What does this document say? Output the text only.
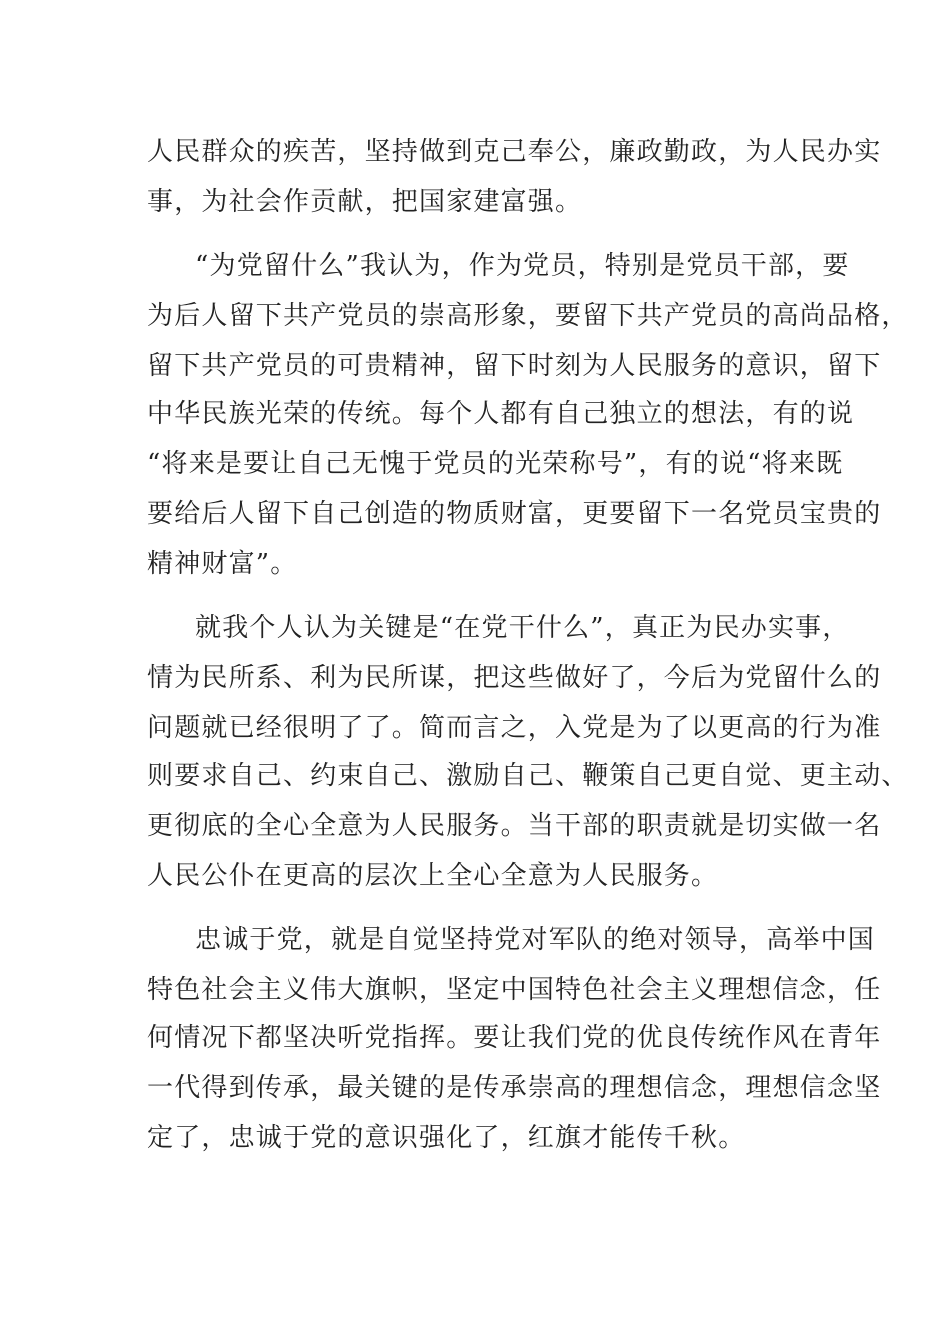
人民群众的疾苦，坚持做到克己奉公，廉政勤政，为人民办实
事，为社会作贡献，把国家建富强。
“为党留什么”我认为，作为党员，特别是党员干部，要
为后人留下共产党员的崇高形象，要留下共产党员的高尚品格，
留下共产党员的可贵精神，留下时刻为人民服务的意识，留下
中华民族光荣的传统。每个人都有自己独立的想法，有的说
“将来是要让自己无愧于党员的光荣称号”，有的说“将来既
要给后人留下自己创造的物质财富，更要留下一名党员宝贵的
精神财富”。
就我个人认为关键是“在党干什么”，真正为民办实事，
情为民所系、利为民所谋，把这些做好了，今后为党留什么的
问题就已经很明了了。简而言之，入党是为了以更高的行为准
则要求自己、约束自己、激励自己、鞭策自己更自觉、更主动、
更彻底的全心全意为人民服务。当干部的职责就是切实做一名
人民公仆在更高的层次上全心全意为人民服务。
忠诚于党，就是自觉坚持党对军队的绝对领导，高举中国
特色社会主义伟大旗帜，坚定中国特色社会主义理想信念，任
何情况下都坚决听党指挥。要让我们党的优良传统作风在青年
一代得到传承，最关键的是传承崇高的理想信念，理想信念坚
定了，忠诚于党的意识强化了，红旗才能传千秋。
